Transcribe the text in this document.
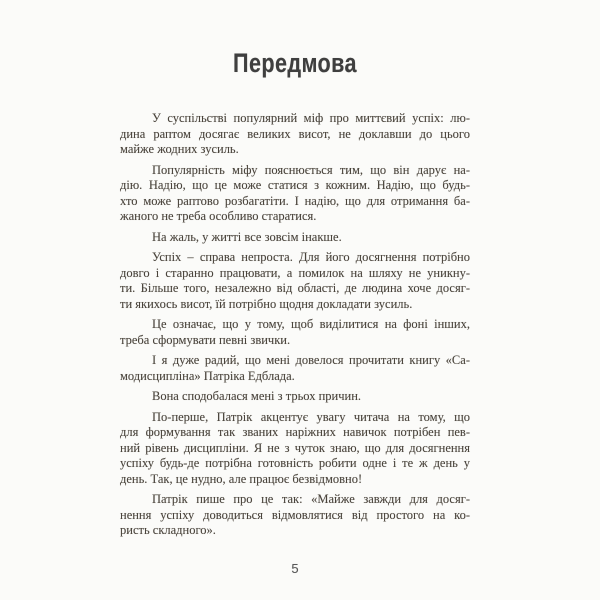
Передмова

У суспільстві популярний міф про миттєвий успіх: лю-
дина раптом досягає великих висот, не доклавши до цього
майже жодних зусиль.

Популярність міфу пояснюється тим, що він дарує на-
дію. Надію, що це може статися з кожним. Надію, що будь-
хто може раптово розбагатіти. І надію, що для отримання ба-
жаного не треба особливо старатися.

На жаль, у житті все зовсім інакше.

Успіх – справа непроста. Для його досягнення потрібно
довго і старанно працювати, а помилок на шляху не уникну-
ти. Більше того, незалежно від області, де людина хоче досяг-
ти якихось висот, їй потрібно щодня докладати зусиль.

Це означає, що у тому, щоб виділитися на фоні інших,
треба сформувати певні звички.

І я дуже радий, що мені довелося прочитати книгу «Са-
модисципліна» Патріка Едблада.

Вона сподобалася мені з трьох причин.

По-перше, Патрік акцентує увагу читача на тому, що
для формування так званих наріжних навичок потрібен пев-
ний рівень дисципліни. Я не з чуток знаю, що для досягнення
успіху будь-де потрібна готовність робити одне і те ж день у
день. Так, це нудно, але працює безвідмовно!

Патрік пише про це так: «Майже завжди для досяг-
нення успіху доводиться відмовлятися від простого на ко-
ристь складного».

5
